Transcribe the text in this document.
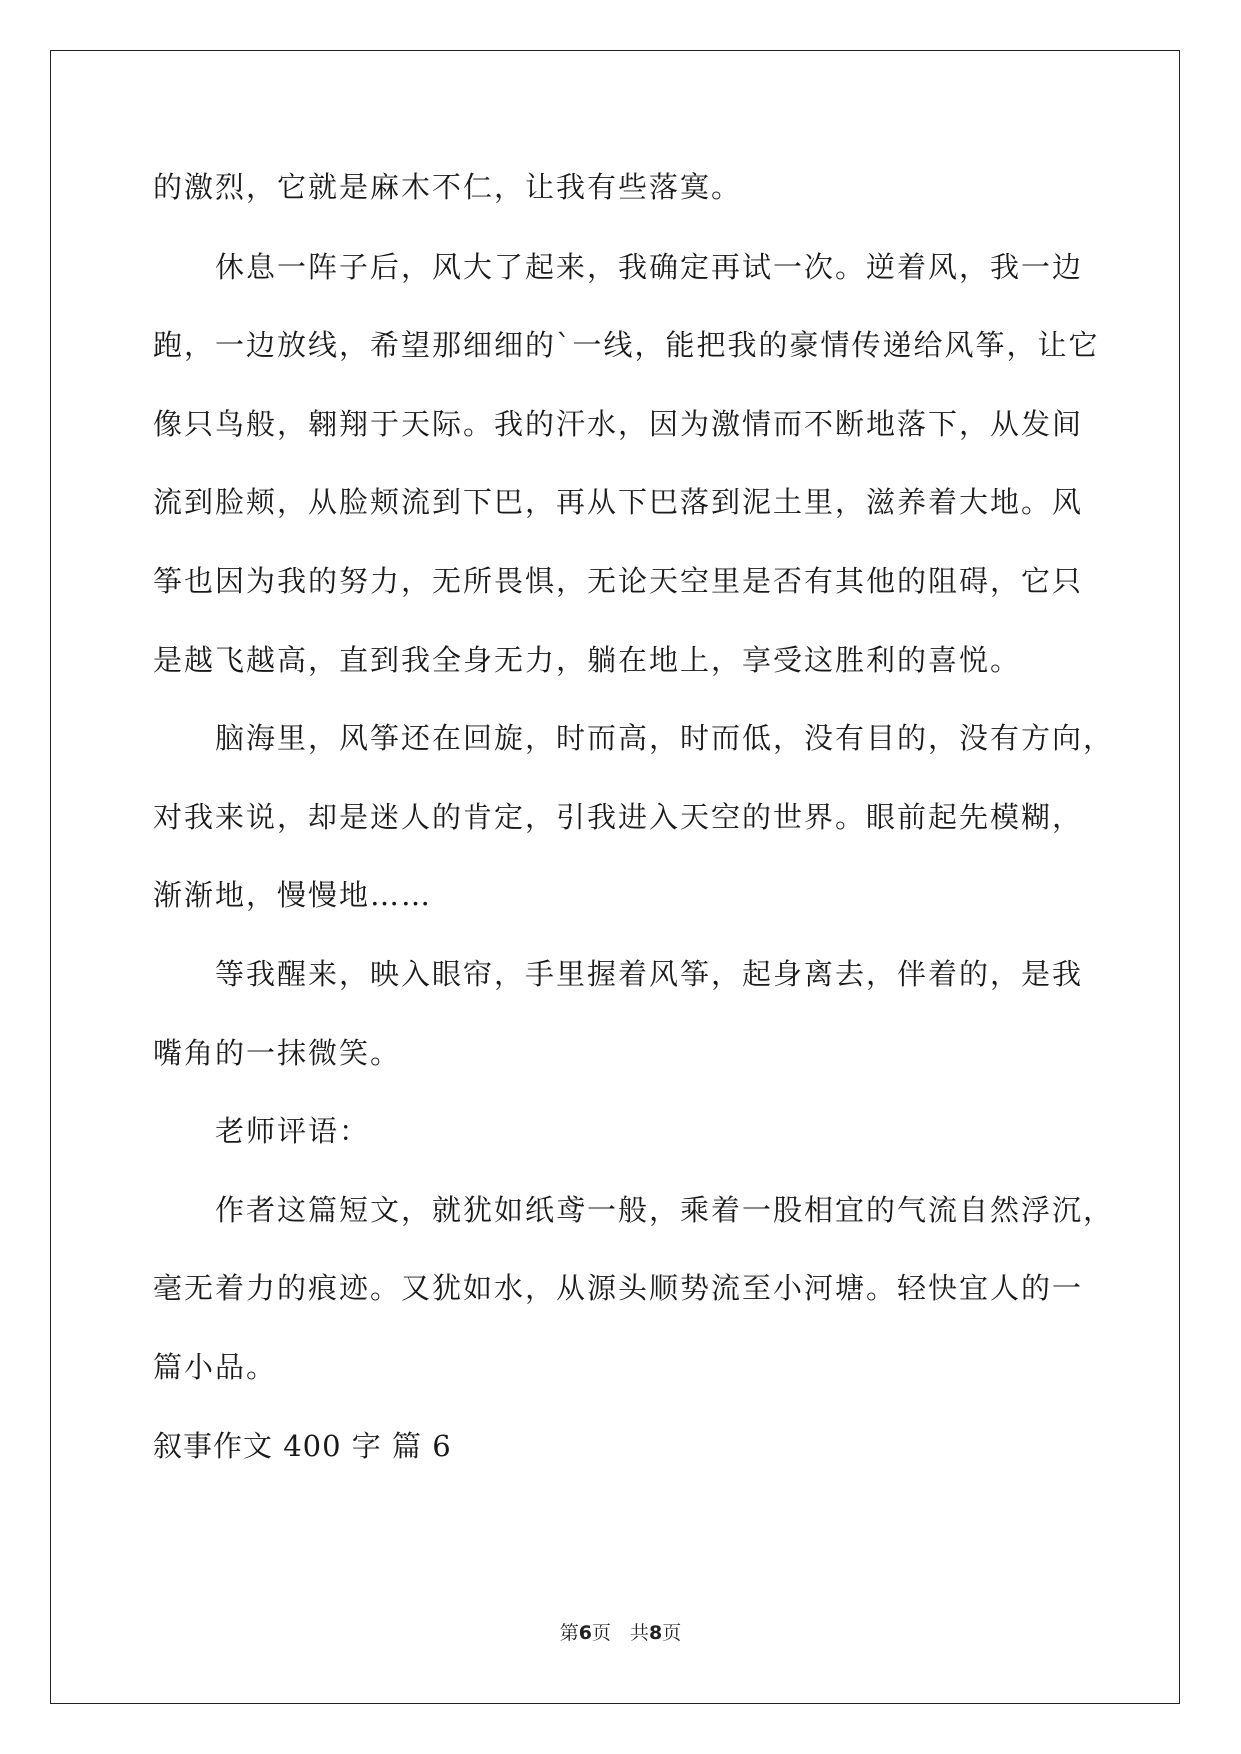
的激烈，它就是麻木不仁，让我有些落寞。
　　休息一阵子后，风大了起来，我确定再试一次。逆着风，我一边
跑，一边放线，希望那细细的`一线，能把我的豪情传递给风筝，让它
像只鸟般，翱翔于天际。我的汗水，因为激情而不断地落下，从发间
流到脸颊，从脸颊流到下巴，再从下巴落到泥土里，滋养着大地。风
筝也因为我的努力，无所畏惧，无论天空里是否有其他的阻碍，它只
是越飞越高，直到我全身无力，躺在地上，享受这胜利的喜悦。
　　脑海里，风筝还在回旋，时而高，时而低，没有目的，没有方向，
对我来说，却是迷人的肯定，引我进入天空的世界。眼前起先模糊，
渐渐地，慢慢地……
　　等我醒来，映入眼帘，手里握着风筝，起身离去，伴着的，是我
嘴角的一抹微笑。
　　老师评语：
　　作者这篇短文，就犹如纸鸢一般，乘着一股相宜的气流自然浮沉，
毫无着力的痕迹。又犹如水，从源头顺势流至小河塘。轻快宜人的一
篇小品。
叙事作文 400 字 篇 6
第6页　共8页
